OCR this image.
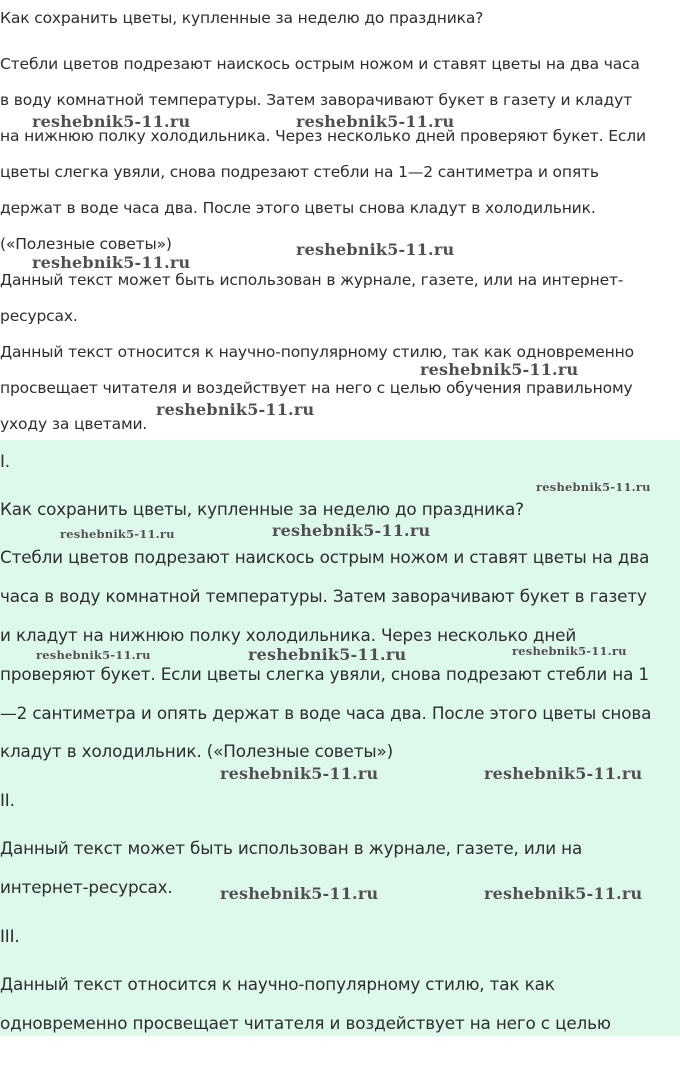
Как сохранить цветы, купленные за неделю до праздника?

Стебли цветов подрезают наискось острым ножом и ставят цветы на два часа

в воду комнатной температуры. Затем заворачивают букет в газету и кладут

на нижнюю полку холодильника. Через несколько дней проверяют букет. Если

цветы слегка увяли, снова подрезают стебли на 1—2 сантиметра и опять

держат в воде часа два. После этого цветы снова кладут в холодильник.

(«Полезные советы»)

Данный текст может быть использован в журнале, газете, или на интернет-

ресурсах.

Данный текст относится к научно-популярному стилю, так как одновременно

просвещает читателя и воздействует на него с целью обучения правильному

уходу за цветами.

I.

Как сохранить цветы, купленные за неделю до праздника?

Стебли цветов подрезают наискось острым ножом и ставят цветы на два

часа в воду комнатной температуры. Затем заворачивают букет в газету

и кладут на нижнюю полку холодильника. Через несколько дней

проверяют букет. Если цветы слегка увяли, снова подрезают стебли на 1

—2 сантиметра и опять держат в воде часа два. После этого цветы снова

кладут в холодильник. («Полезные советы»)

II.

Данный текст может быть использован в журнале, газете, или на

интернет-ресурсах.

III.

Данный текст относится к научно-популярному стилю, так как

одновременно просвещает читателя и воздействует на него с целью

reshebnik5-11.ru	reshebnik5-11.ru
reshebnik5-11.ru
reshebnik5-11.ru
reshebnik5-11.ru
reshebnik5-11.ru
reshebnik5-11.ru
reshebnik5-11.ru	reshebnik5-11.ru
reshebnik5-11.ru	reshebnik5-11.ru	reshebnik5-11.ru
reshebnik5-11.ru	reshebnik5-11.ru
reshebnik5-11.ru	reshebnik5-11.ru
